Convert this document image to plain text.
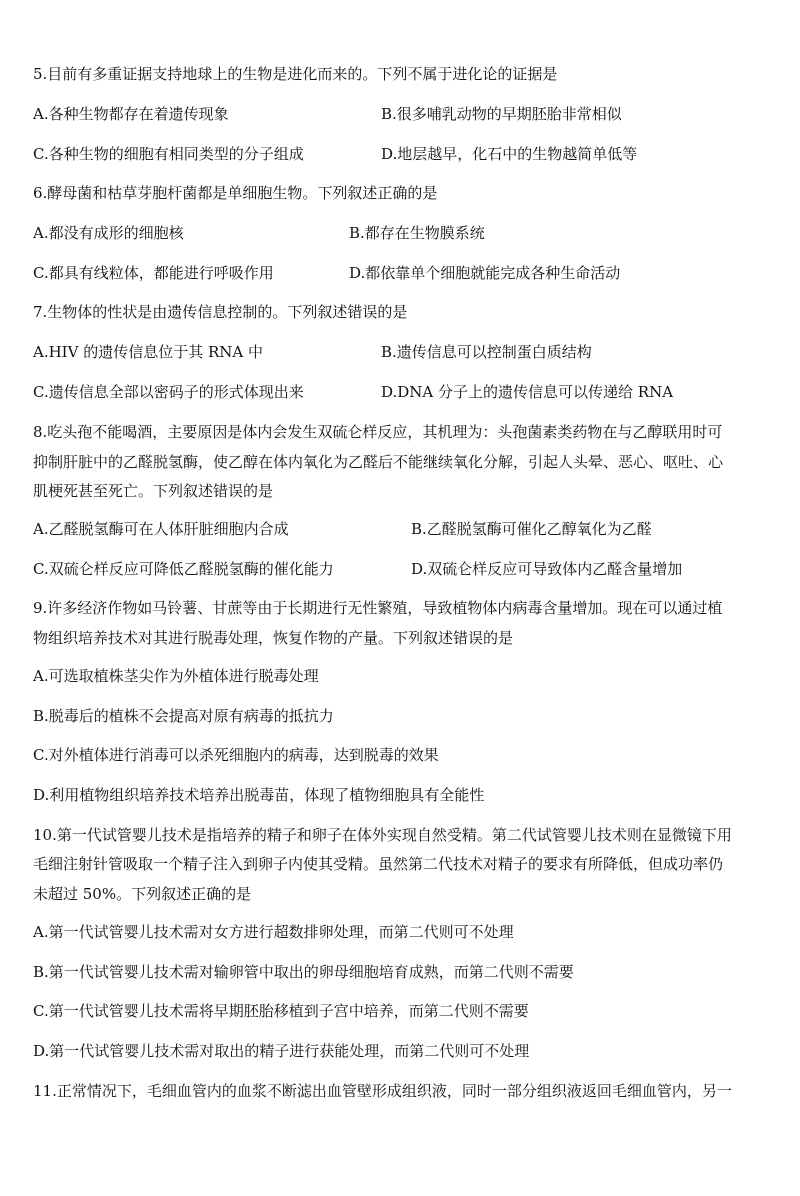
5.目前有多重证据支持地球上的生物是进化而来的。下列不属于进化论的证据是
A.各种生物都存在着遗传现象	B.很多哺乳动物的早期胚胎非常相似
C.各种生物的细胞有相同类型的分子组成	D.地层越早，化石中的生物越简单低等
6.酵母菌和枯草芽胞杆菌都是单细胞生物。下列叙述正确的是
A.都没有成形的细胞核	B.都存在生物膜系统
C.都具有线粒体，都能进行呼吸作用	D.都依靠单个细胞就能完成各种生命活动
7.生物体的性状是由遗传信息控制的。下列叙述错误的是
A.HIV 的遗传信息位于其 RNA 中	B.遗传信息可以控制蛋白质结构
C.遗传信息全部以密码子的形式体现出来	D.DNA 分子上的遗传信息可以传递给 RNA
8.吃头孢不能喝酒，主要原因是体内会发生双硫仑样反应，其机理为：头孢菌素类药物在与乙醇联用时可
抑制肝脏中的乙醛脱氢酶，使乙醇在体内氧化为乙醛后不能继续氧化分解，引起人头晕、恶心、呕吐、心
肌梗死甚至死亡。下列叙述错误的是
A.乙醛脱氢酶可在人体肝脏细胞内合成	B.乙醛脱氢酶可催化乙醇氧化为乙醛
C.双硫仑样反应可降低乙醛脱氢酶的催化能力	D.双硫仑样反应可导致体内乙醛含量增加
9.许多经济作物如马铃薯、甘蔗等由于长期进行无性繁殖，导致植物体内病毒含量增加。现在可以通过植
物组织培养技术对其进行脱毒处理，恢复作物的产量。下列叙述错误的是
A.可选取植株茎尖作为外植体进行脱毒处理
B.脱毒后的植株不会提高对原有病毒的抵抗力
C.对外植体进行消毒可以杀死细胞内的病毒，达到脱毒的效果
D.利用植物组织培养技术培养出脱毒苗，体现了植物细胞具有全能性
10.第一代试管婴儿技术是指培养的精子和卵子在体外实现自然受精。第二代试管婴儿技术则在显微镜下用
毛细注射针管吸取一个精子注入到卵子内使其受精。虽然第二代技术对精子的要求有所降低，但成功率仍
未超过 50%。下列叙述正确的是
A.第一代试管婴儿技术需对女方进行超数排卵处理，而第二代则可不处理
B.第一代试管婴儿技术需对输卵管中取出的卵母细胞培育成熟，而第二代则不需要
C.第一代试管婴儿技术需将早期胚胎移植到子宫中培养，而第二代则不需要
D.第一代试管婴儿技术需对取出的精子进行获能处理，而第二代则可不处理
11.正常情况下，毛细血管内的血浆不断滤出血管壁形成组织液，同时一部分组织液返回毛细血管内，另一
